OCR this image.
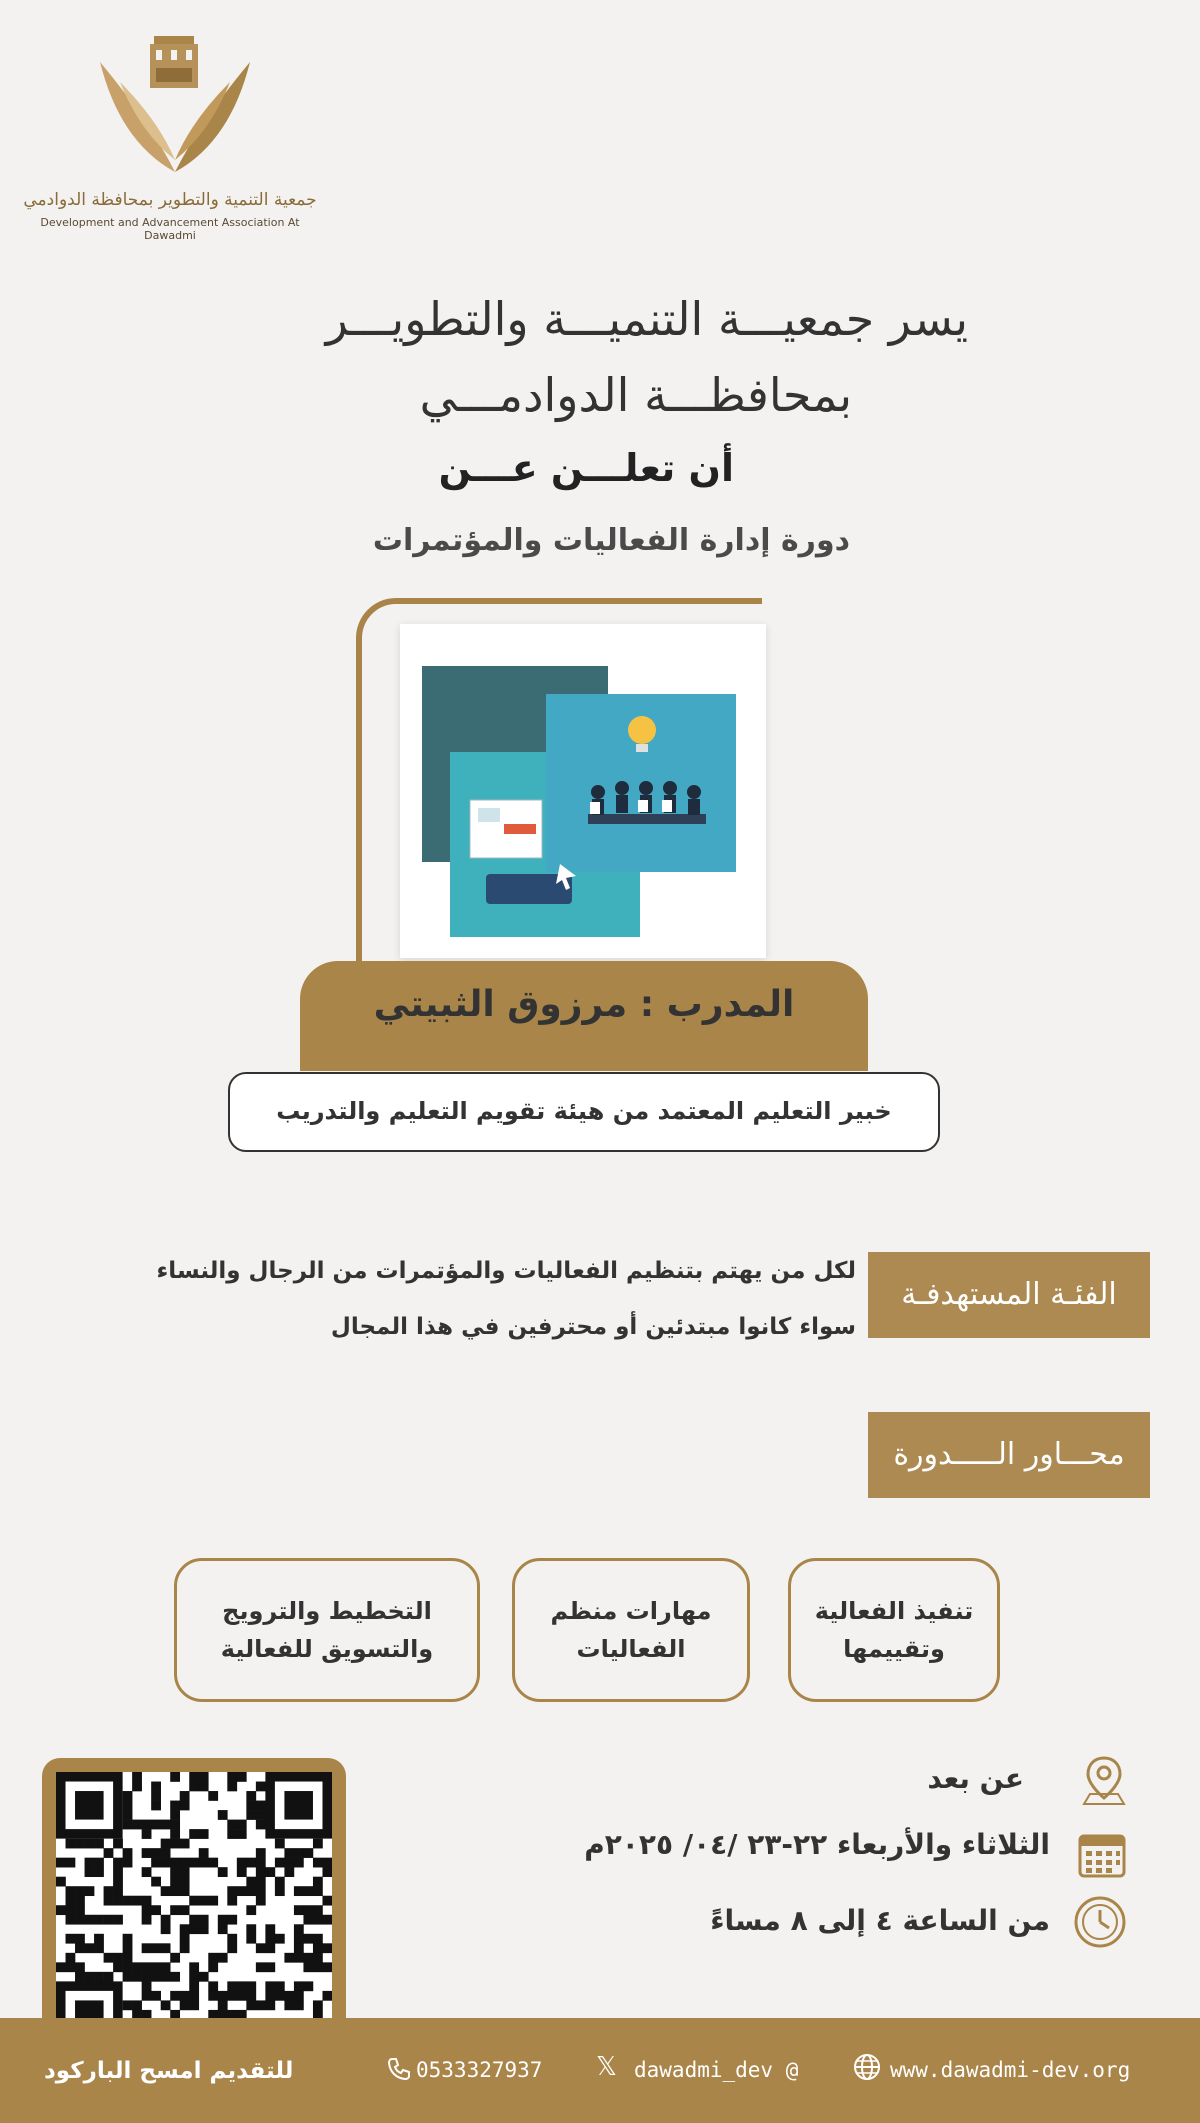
جمعية التنمية والتطوير بمحافظة الدوادمي
Development and Advancement Association At Dawadmi
يسر جمعيـــة التنميـــة والتطويـــر
بمحافظـــة الدوادمـــي
أن تعلـــن عـــن
دورة إدارة الفعاليات والمؤتمرات
المدرب : مرزوق الثبيتي
خبير التعليم المعتمد من هيئة تقويم التعليم والتدريب
الفئـة المستهدفـة
لكل من يهتم بتنظيم الفعاليات والمؤتمرات من الرجال والنساء
سواء كانوا مبتدئين أو محترفين في هذا المجال
محـــاور الـــــدورة
تنفيذ الفعالية وتقييمها
مهارات منظم الفعاليات
التخطيط والترويج والتسويق للفعالية
عن بعد
الثلاثاء والأربعاء ٢٢-٢٣ /٠٤/ ٢٠٢٥م
من الساعة ٤ إلى ٨ مساءً
للتقديم امسح الباركود	0533327937 𝕏 dawadmi_dev @	www.dawadmi-dev.org
